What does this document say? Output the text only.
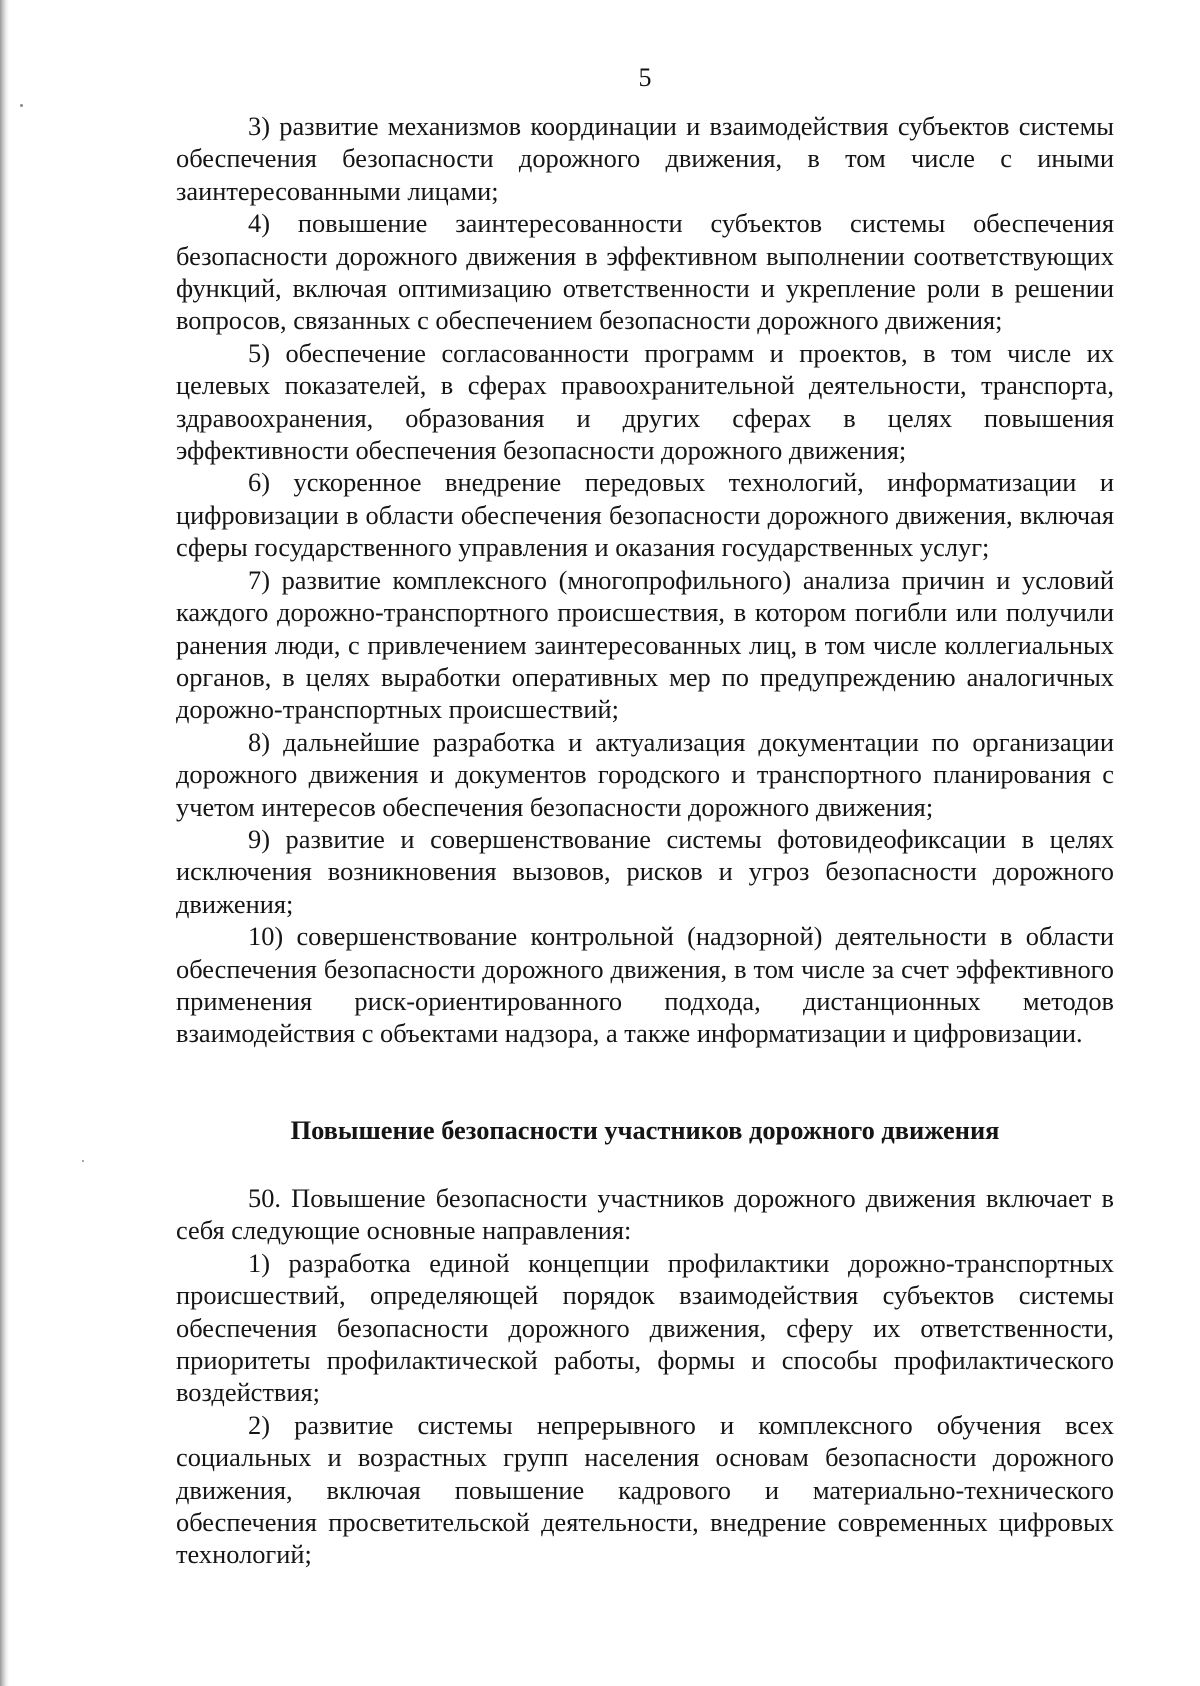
5

3) развитие механизмов координации и взаимодействия субъектов системы обеспечения безопасности дорожного движения, в том числе с иными заинтересованными лицами;

4) повышение заинтересованности субъектов системы обеспечения безопасности дорожного движения в эффективном выполнении соответствующих функций, включая оптимизацию ответственности и укрепление роли в решении вопросов, связанных с обеспечением безопасности дорожного движения;

5) обеспечение согласованности программ и проектов, в том числе их целевых показателей, в сферах правоохранительной деятельности, транспорта, здравоохранения, образования и других сферах в целях повышения эффективности обеспечения безопасности дорожного движения;

6) ускоренное внедрение передовых технологий, информатизации и цифровизации в области обеспечения безопасности дорожного движения, включая сферы государственного управления и оказания государственных услуг;

7) развитие комплексного (многопрофильного) анализа причин и условий каждого дорожно-транспортного происшествия, в котором погибли или получили ранения люди, с привлечением заинтересованных лиц, в том числе коллегиальных органов, в целях выработки оперативных мер по предупреждению аналогичных дорожно-транспортных происшествий;

8) дальнейшие разработка и актуализация документации по организации дорожного движения и документов городского и транспортного планирования с учетом интересов обеспечения безопасности дорожного движения;

9) развитие и совершенствование системы фотовидеофиксации в целях исключения возникновения вызовов, рисков и угроз безопасности дорожного движения;

10) совершенствование контрольной (надзорной) деятельности в области обеспечения безопасности дорожного движения, в том числе за счет эффективного применения риск-ориентированного подхода, дистанционных методов взаимодействия с объектами надзора, а также информатизации и цифровизации.

Повышение безопасности участников дорожного движения

50. Повышение безопасности участников дорожного движения включает в себя следующие основные направления:

1) разработка единой концепции профилактики дорожно-транспортных происшествий, определяющей порядок взаимодействия субъектов системы обеспечения безопасности дорожного движения, сферу их ответственности, приоритеты профилактической работы, формы и способы профилактического воздействия;

2) развитие системы непрерывного и комплексного обучения всех социальных и возрастных групп населения основам безопасности дорожного движения, включая повышение кадрового и материально-технического обеспечения просветительской деятельности, внедрение современных цифровых технологий;
